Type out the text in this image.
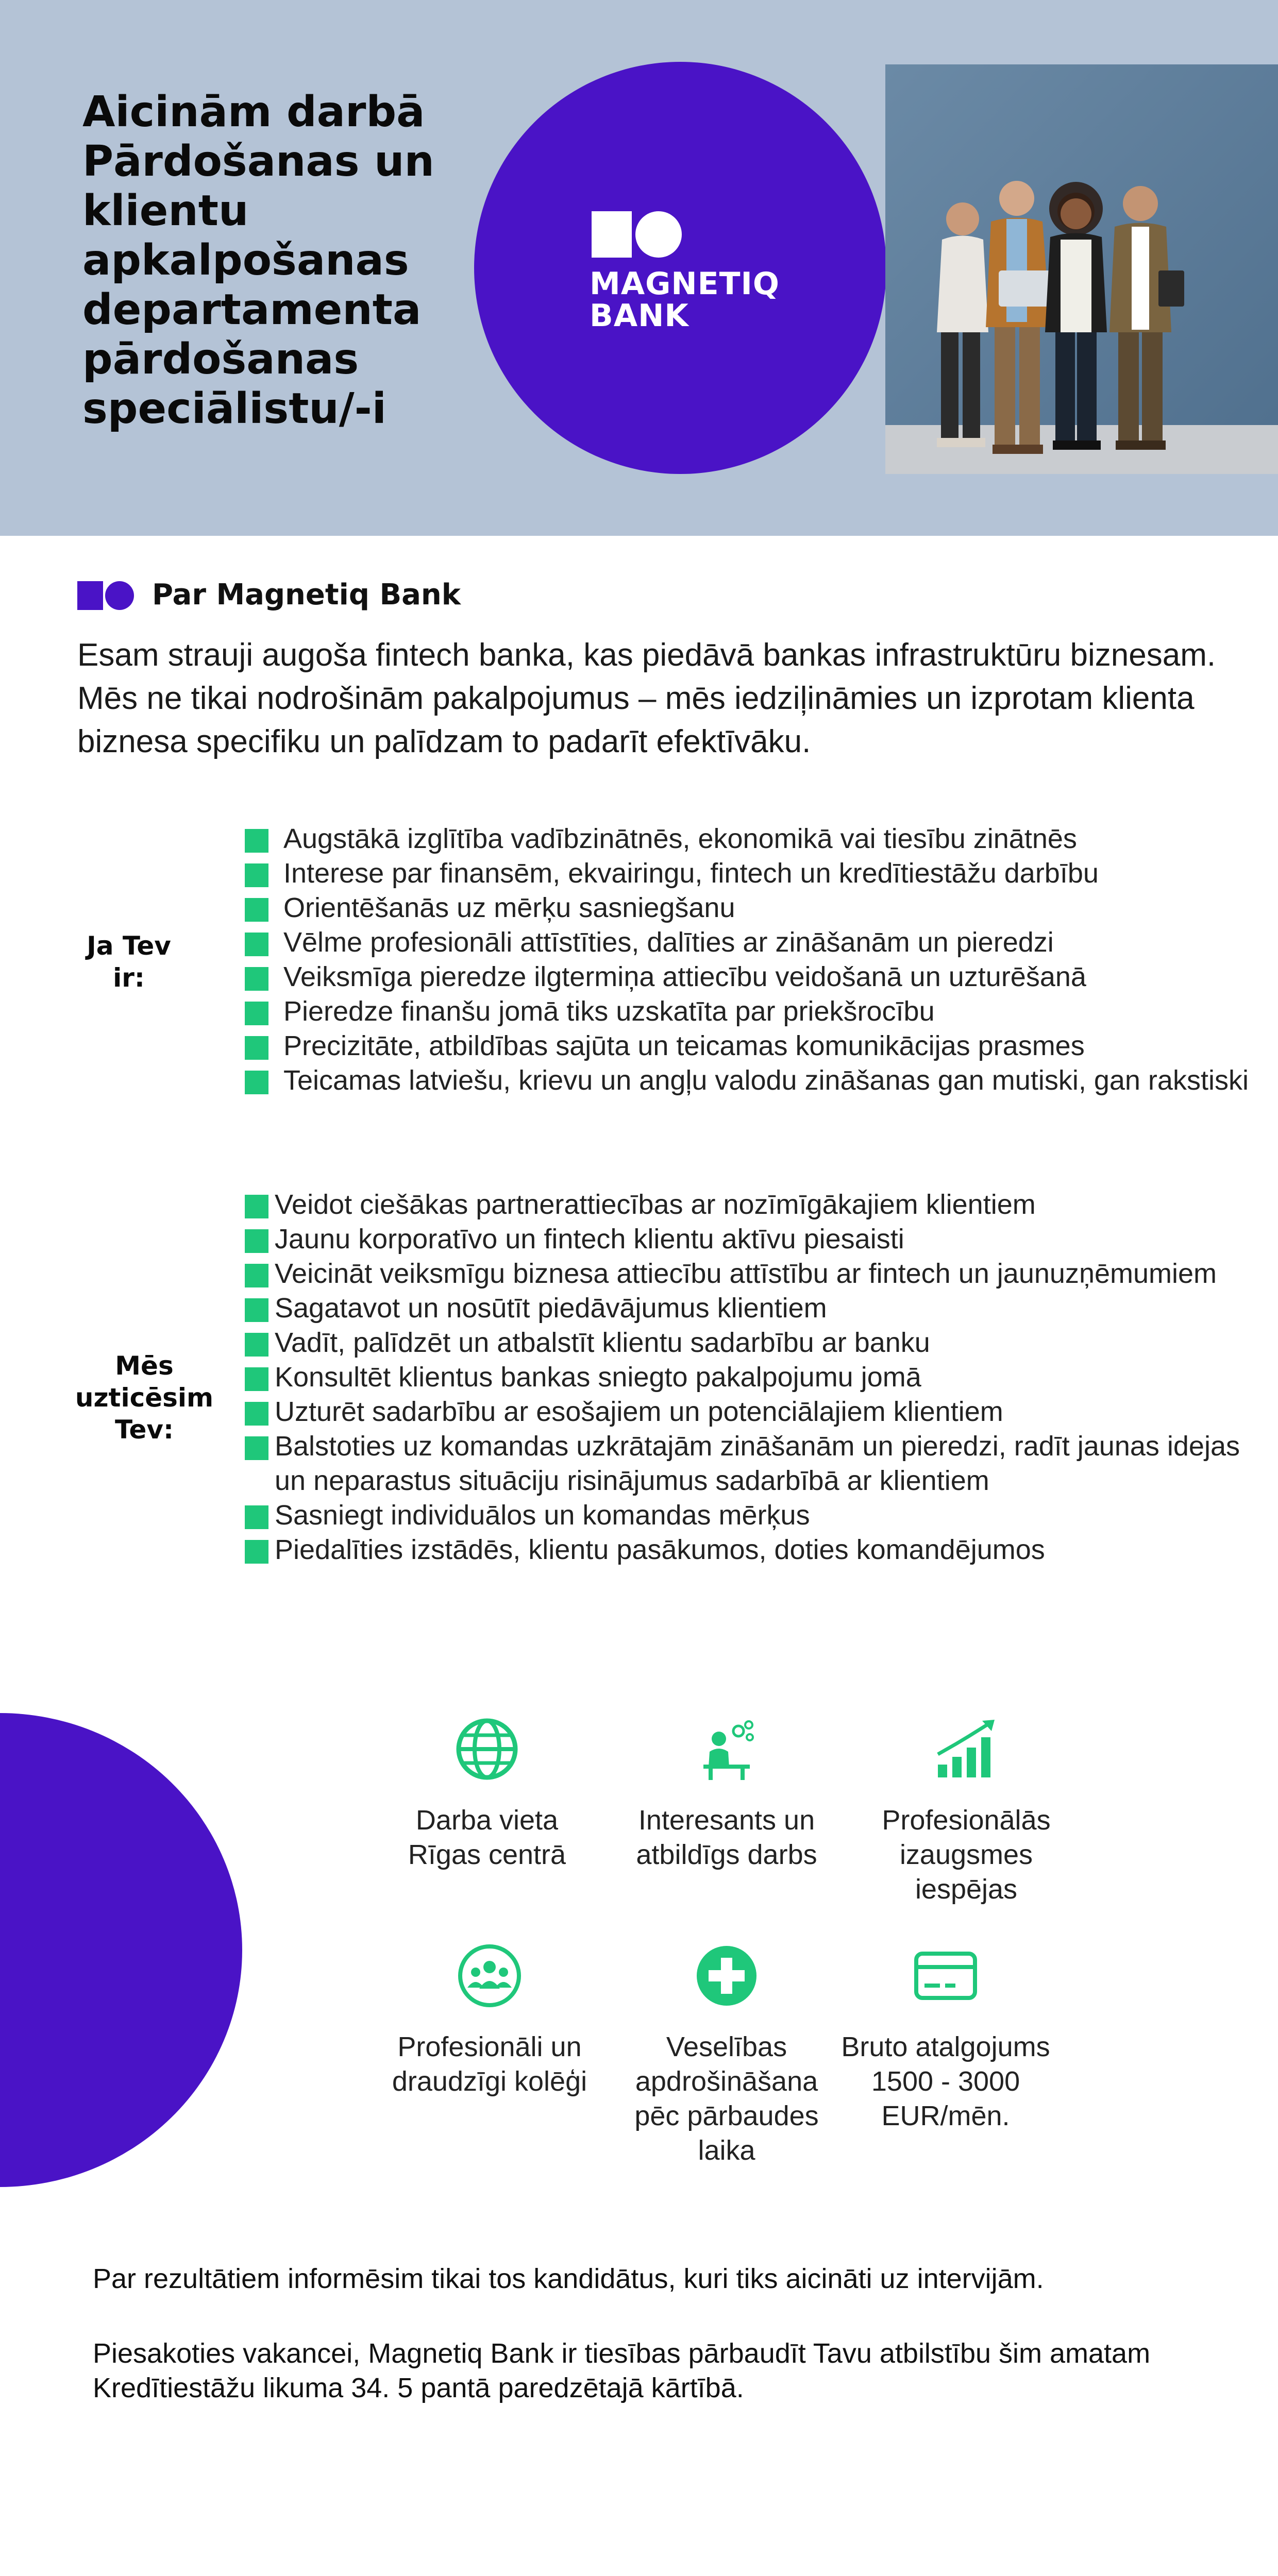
Aicinām darbā Pārdošanas un klientu apkalpošanas departamenta pārdošanas speciālistu/-i
MAGNETIQ
BANK
Par Magnetiq Bank

Esam strauji augoša fintech banka, kas piedāvā bankas infrastruktūru biznesam. Mēs ne tikai nodrošinām pakalpojumus – mēs iedziļināmies un izprotam klienta biznesa specifiku un palīdzam to padarīt efektīvāku.

Ja Tev
ir:
Augstākā izglītība vadībzinātnēs, ekonomikā vai tiesību zinātnēs
Interese par finansēm, ekvairingu, fintech un kredītiestāžu darbību
Orientēšanās uz mērķu sasniegšanu
Vēlme profesionāli attīstīties, dalīties ar zināšanām un pieredzi
Veiksmīga pieredze ilgtermiņa attiecību veidošanā un uzturēšanā
Pieredze finanšu jomā tiks uzskatīta par priekšrocību
Precizitāte, atbildības sajūta un teicamas komunikācijas prasmes
Teicamas latviešu, krievu un angļu valodu zināšanas gan mutiski, gan rakstiski
Mēs
uzticēsim
Tev:
Veidot ciešākas partnerattiecības ar nozīmīgākajiem klientiem
Jaunu korporatīvo un fintech klientu aktīvu piesaisti
Veicināt veiksmīgu biznesa attiecību attīstību ar fintech un jaunuzņēmumiem
Sagatavot un nosūtīt piedāvājumus klientiem
Vadīt, palīdzēt un atbalstīt klientu sadarbību ar banku
Konsultēt klientus bankas sniegto pakalpojumu jomā
Uzturēt sadarbību ar esošajiem un potenciālajiem klientiem
Balstoties uz komandas uzkrātajām zināšanām un pieredzi, radīt jaunas idejas un neparastus situāciju risinājumus sadarbībā ar klientiem
Sasniegt individuālos un komandas mērķus
Piedalīties izstādēs, klientu pasākumos, doties komandējumos
Darba vieta Rīgas centrā
Interesants un atbildīgs darbs
Profesionālās izaugsmes iespējas
Profesionāli un draudzīgi kolēģi
Veselības apdrošināšana pēc pārbaudes laika
Bruto atalgojums 1500 - 3000 EUR/mēn.

Par rezultātiem informēsim tikai tos kandidātus, kuri tiks aicināti uz intervijām.

Piesakoties vakancei, Magnetiq Bank ir tiesības pārbaudīt Tavu atbilstību šim amatam Kredītiestāžu likuma 34. 5 pantā paredzētajā kārtībā.
